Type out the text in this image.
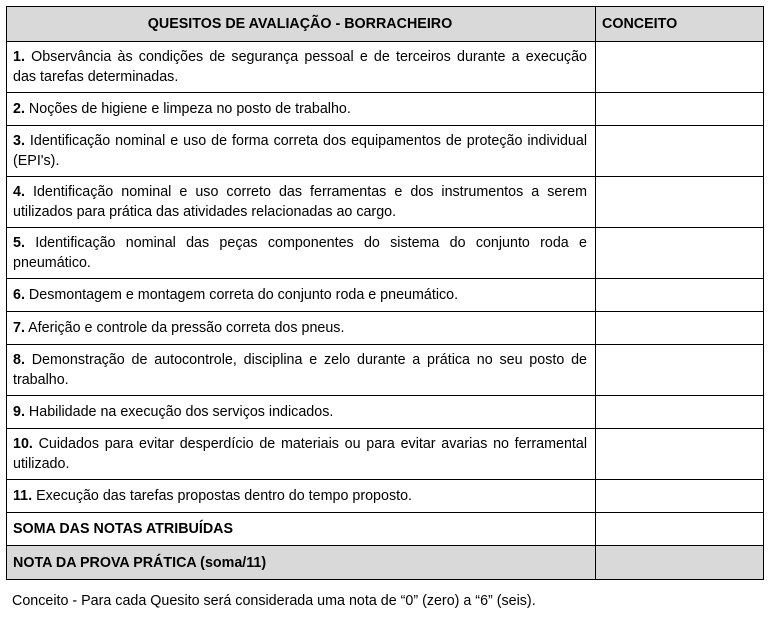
QUESITOS DE AVALIAÇÃO - BORRACHEIRO	CONCEITO
1. Observância às condições de segurança pessoal e de terceiros durante a execução das tarefas determinadas.	
2. Noções de higiene e limpeza no posto de trabalho.	
3. Identificação nominal e uso de forma correta dos equipamentos de proteção individual (EPI's).	
4. Identificação nominal e uso correto das ferramentas e dos instrumentos a serem utilizados para prática das atividades relacionadas ao cargo.	
5. Identificação nominal das peças componentes do sistema do conjunto roda e pneumático.	
6. Desmontagem e montagem correta do conjunto roda e pneumático.	
7. Aferição e controle da pressão correta dos pneus.	
8. Demonstração de autocontrole, disciplina e zelo durante a prática no seu posto de trabalho.	
9. Habilidade na execução dos serviços indicados.	
10. Cuidados para evitar desperdício de materiais ou para evitar avarias no ferramental utilizado.	
11. Execução das tarefas propostas dentro do tempo proposto.	
SOMA DAS NOTAS ATRIBUÍDAS	
NOTA DA PROVA PRÁTICA (soma/11)	
Conceito - Para cada Quesito será considerada uma nota de “0” (zero) a “6” (seis).
